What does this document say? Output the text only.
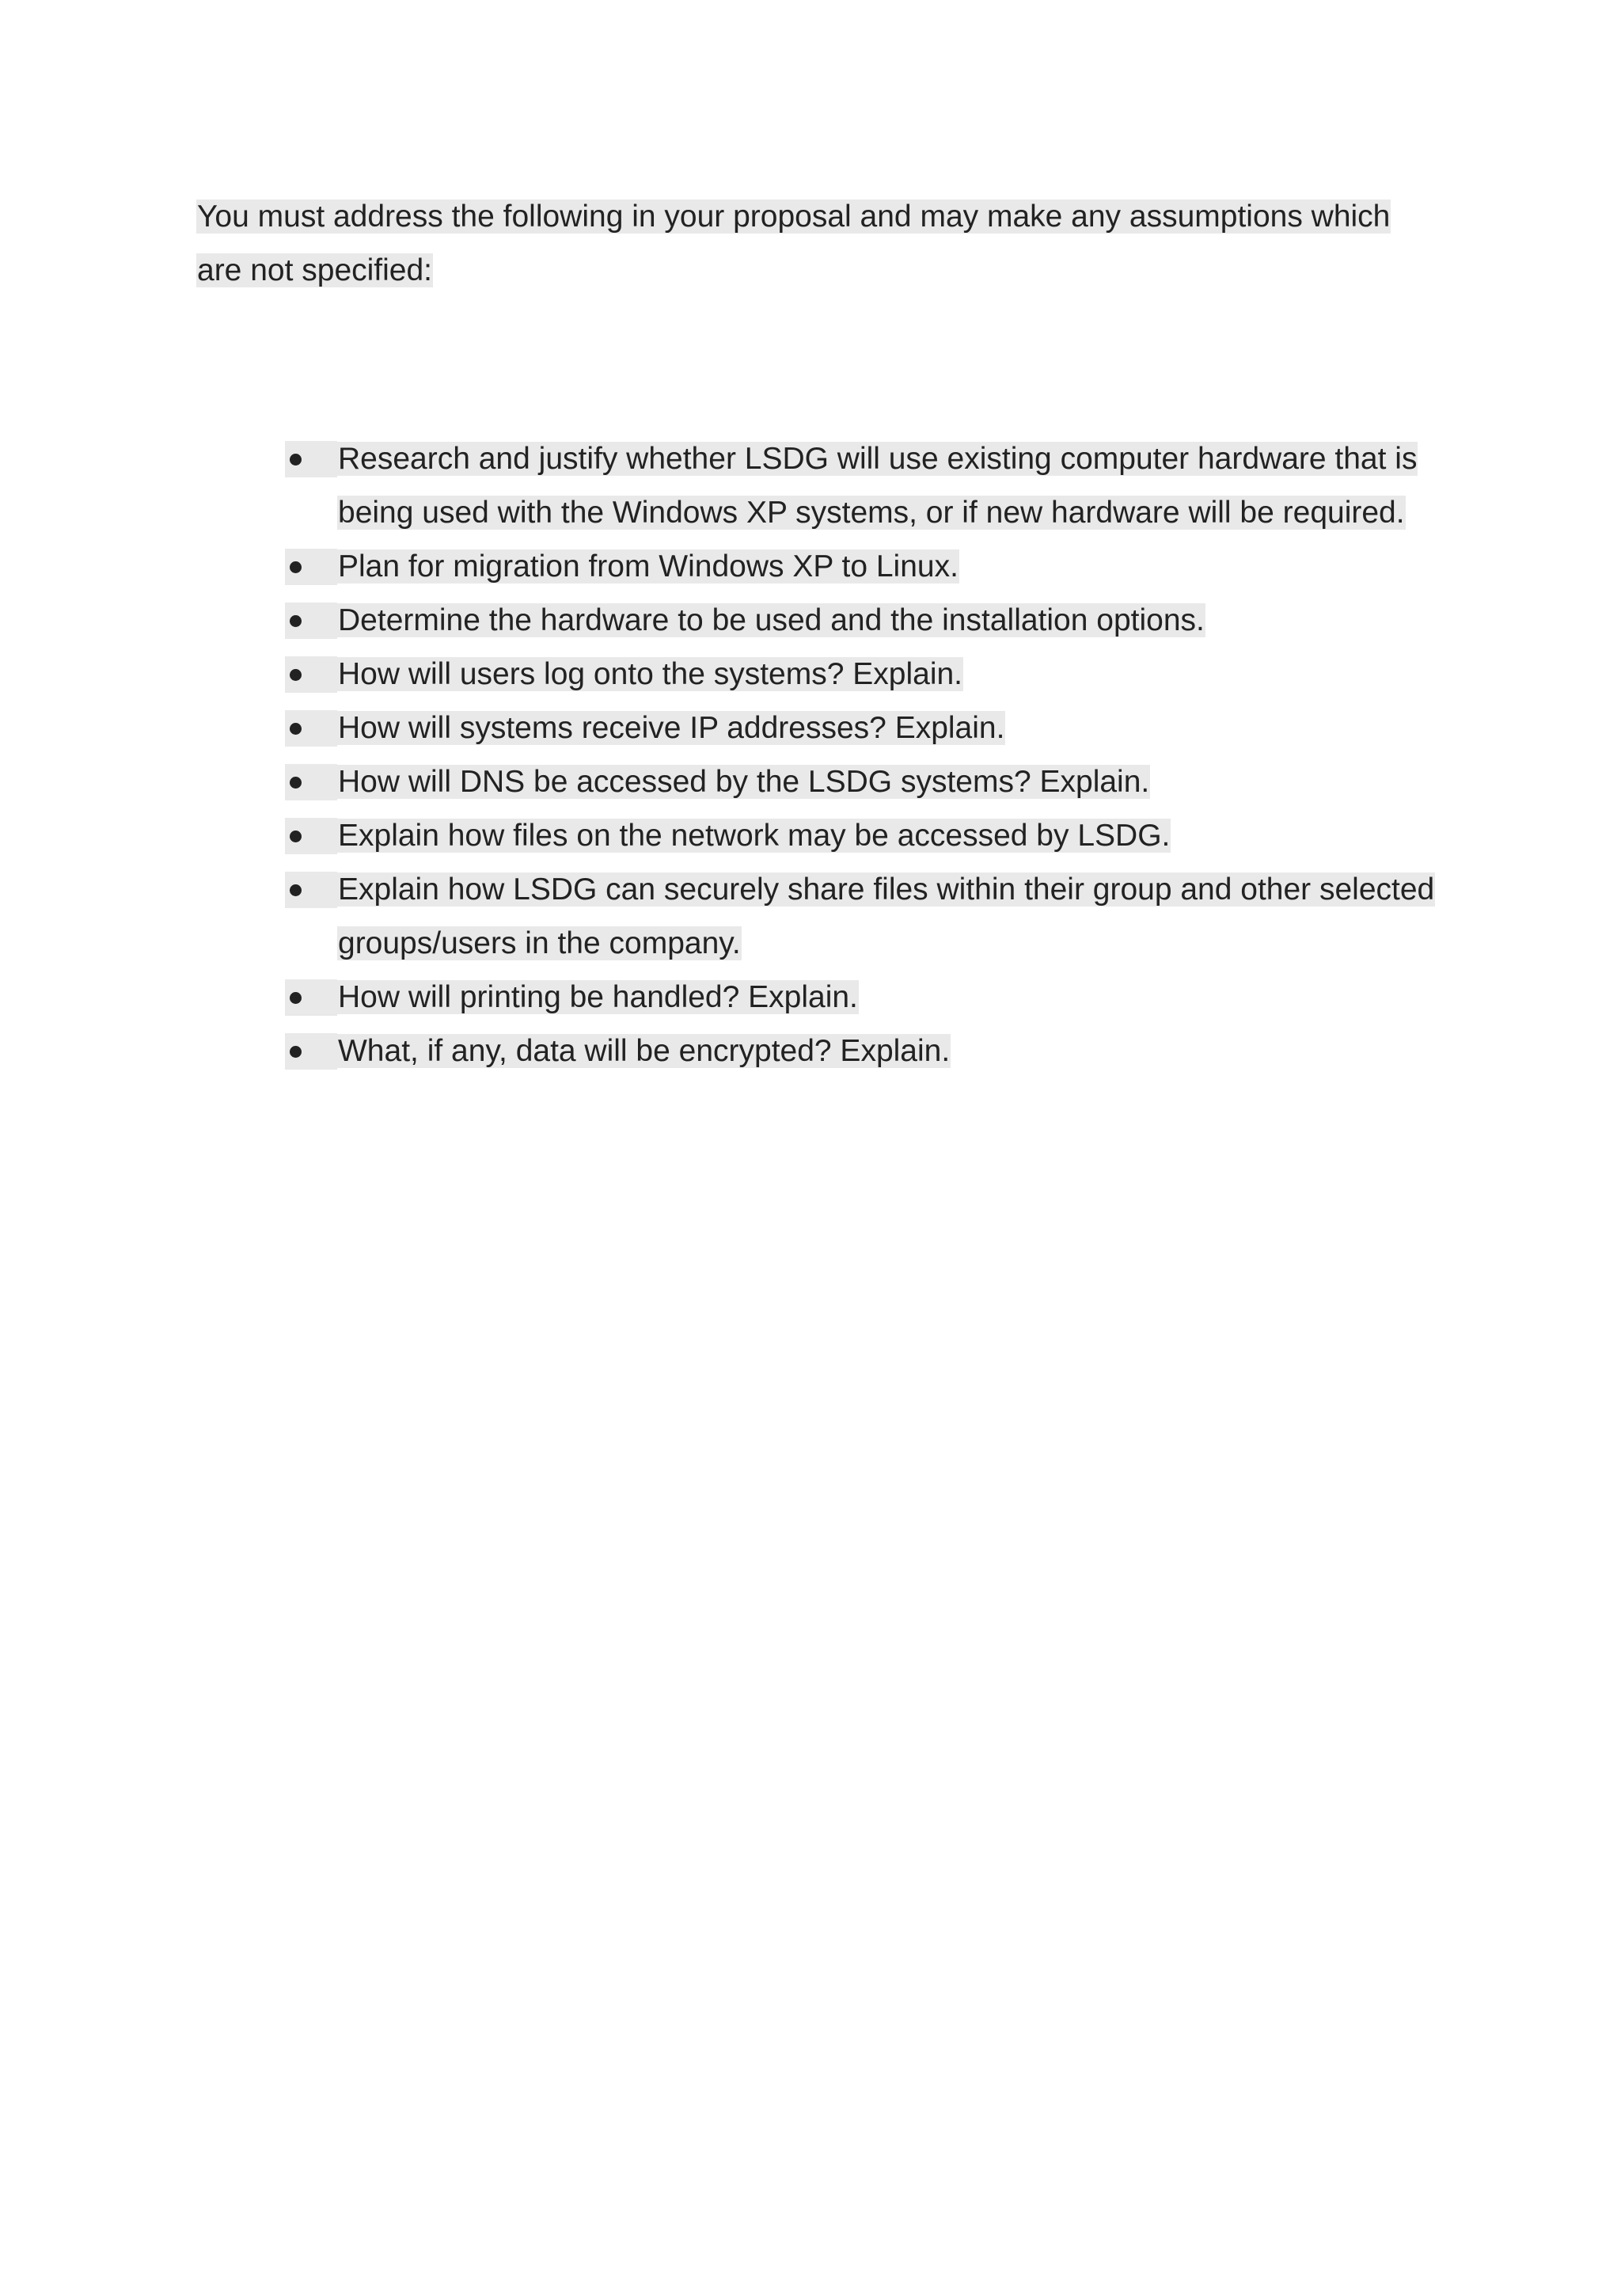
You must address the following in your proposal and may make any assumptions which are not specified:

Research and justify whether LSDG will use existing computer hardware that is being used with the Windows XP systems, or if new hardware will be required.
Plan for migration from Windows XP to Linux.
Determine the hardware to be used and the installation options.
How will users log onto the systems? Explain.
How will systems receive IP addresses? Explain.
How will DNS be accessed by the LSDG systems? Explain.
Explain how files on the network may be accessed by LSDG.
Explain how LSDG can securely share files within their group and other selected groups/users in the company.
How will printing be handled? Explain.
What, if any, data will be encrypted? Explain.
